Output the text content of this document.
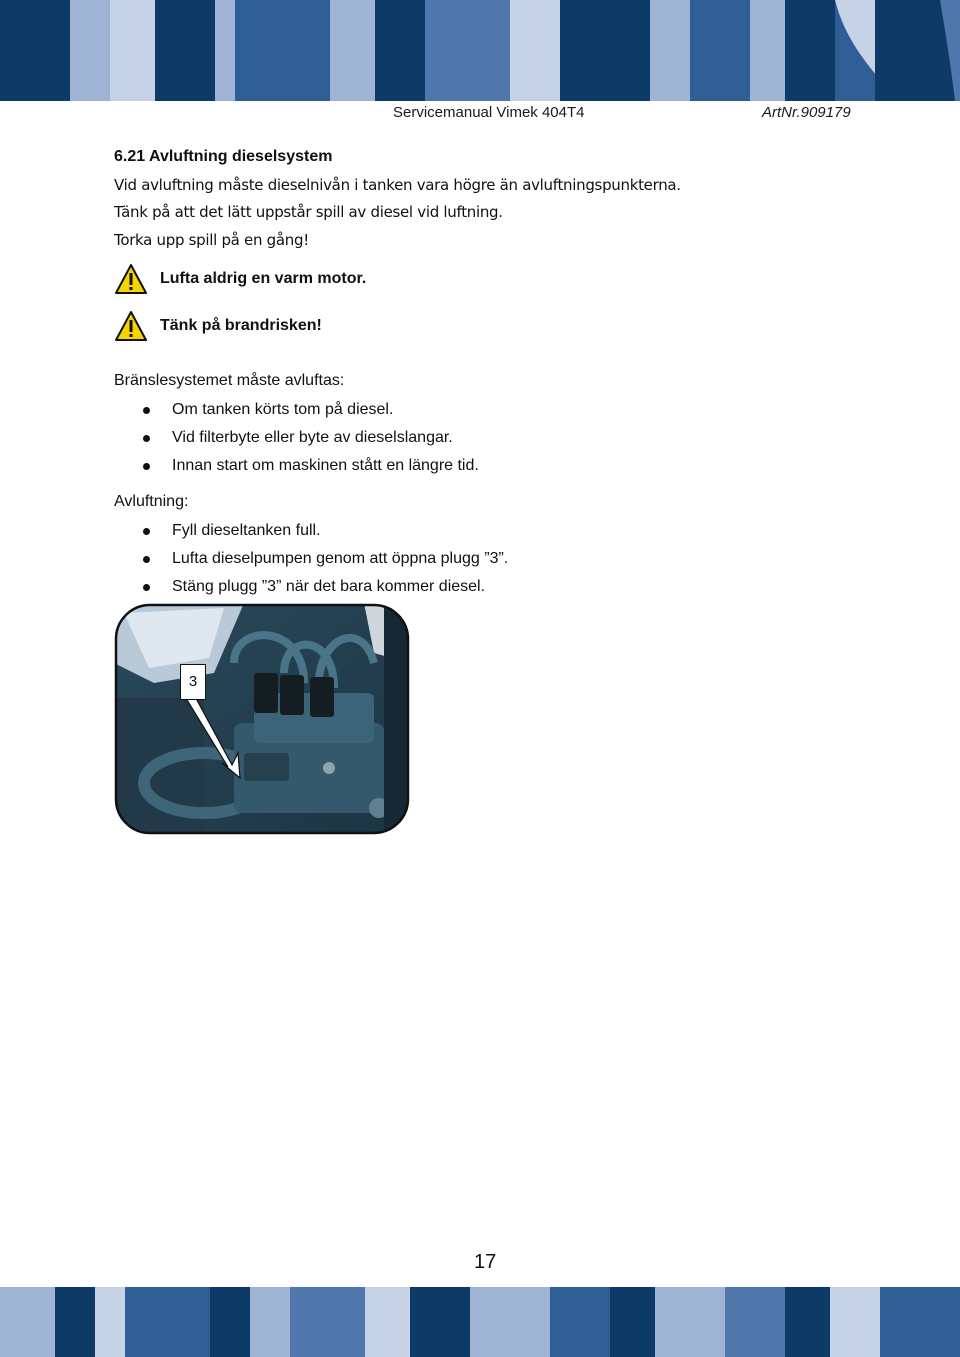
Servicemanual Vimek 404T4	ArtNr.909179
6.21 Avluftning dieselsystem
Vid avluftning måste dieselnivån i tanken vara högre än avluftningspunkterna.
Tänk på att det lätt uppstår spill av diesel vid luftning.
Torka upp spill på en gång!
Lufta aldrig en varm motor.
Tänk på brandrisken!
Bränslesystemet måste avluftas:
Om tanken körts tom på diesel.
Vid filterbyte eller byte av dieselslangar.
Innan start om maskinen stått en längre tid.
Avluftning:
Fyll dieseltanken full.
Lufta dieselpumpen genom att öppna plugg ”3”.
Stäng plugg ”3” när det bara kommer diesel.
3
17
